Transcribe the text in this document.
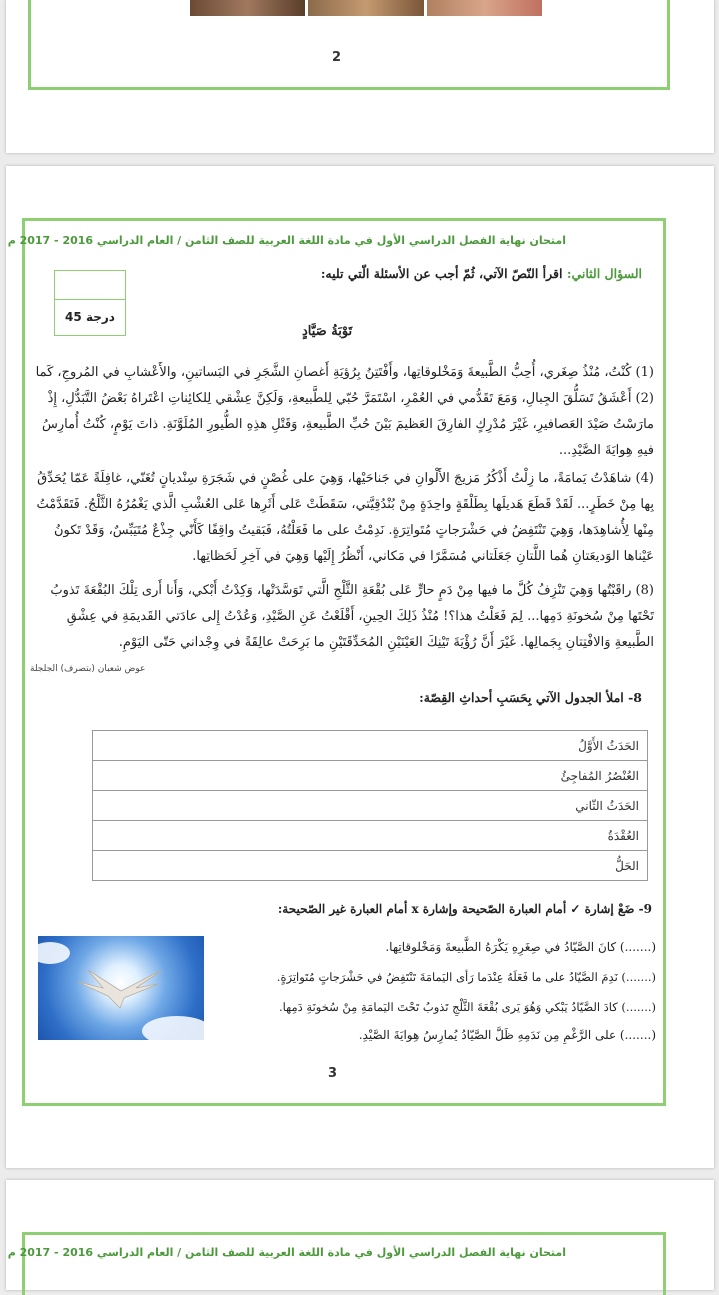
2
امتحان نهاية الفصل الدراسي الأول في مادة اللغة العربية للصف الثامن / العام الدراسي 2016 - 2017 م
45 درجة
السؤال الثاني: اقرأ النّصّ الآتي، ثُمّ أجب عن الأسئلة الّتي تليه:
تَوْبَةُ صَيَّادٍ
(1) كُنْتُ، مُنْذُ صِغَري، أُحِبُّ الطَّبيعةَ وَمَخْلوقاتِها، وأَفْتَتِنُ بِرُؤيَةِ أَغصانِ الشَّجَرِ في البَساتينِ، والأَعْشابِ في المُروجِ، كَما (2) أَعْشَقُ تَسَلُّقَ الجِبالِ، وَمَعَ تَقَدُّمي في العُمْرِ، اسْتَمَرَّ حُبّي لِلطَّبيعةِ، وَلَكِنَّ عِشْقي لِلكائِناتِ اعْتَراهُ بَعْضُ التَّبَدُّلِ، إِذْ مارَسْتُ صَيْدَ العَصافيرِ، غَيْرَ مُدْرِكٍ الفارِقَ العَظيمَ بَيْنَ حُبِّ الطَّبيعةِ، وَقَتْلِ هذِهِ الطُّيورِ المُلَوَّنَةِ. ذاتَ يَوْمٍ، كُنْتُ أُمارِسُ فيهِ هِوايَةَ الصَّيْدِ...
(4) شاهَدْتُ يَمامَةً، ما زِلْتُ أَذْكُرُ مَزيجَ الأَلْوانِ في جَناحَيْها، وَهِيَ على غُصْنٍ في شَجَرَةِ سِنْديانٍ تُغَنّي، غافِلَةً عَمّا يُحَدِّقُ بِها مِنْ خَطَرٍ... لَقَدْ قَطَعَ هَديلَها بِطَلْقَةٍ واحِدَةٍ مِنْ بُنْدُقِيَّتي، سَقَطَتْ عَلى أَثَرِها عَلى العُشْبِ الَّذي يَغْمُرُهُ الثَّلْجُ. فَتَقَدَّمْتُ مِنْها لِأُشاهِدَها، وَهِيَ تَنْتَفِضُ في حَشْرَجاتٍ مُتَواتِرَةٍ. نَدِمْتُ على ما فَعَلْتُهُ، فَبَقيتُ واقِفًا كَأَنّي جِذْعٌ مُتَيَبِّسٌ، وَقَدْ تَكونُ عَيْناها الوَديعَتانِ هُما اللَّتانِ جَعَلَتاني مُسَمَّرًا في مَكاني، أَنْظُرُ إِلَيْها وَهِيَ في آخِرِ لَحَظاتِها.
(8) راقَبْتُها وَهِيَ تَنْزِفُ كُلَّ ما فيها مِنْ دَمٍ حارٍّ عَلى بُقْعَةِ الثَّلْجِ الَّتي تَوَسَّدَتْها، وَكِدْتُ أَبْكي، وَأَنا أَرى تِلْكَ البُقْعَةَ تَذوبُ تَحْتَها مِنْ سُخونَةِ دَمِها... لِمَ فَعَلْتُ هذا؟! مُنْذُ ذَلِكَ الحِينِ، أَقْلَعْتُ عَنِ الصَّيْدِ، وَعُدْتُ إِلى عادَتي القَديمَةِ في عِشْقِ الطَّبيعةِ وَالافْتِتانِ بِجَمالِها. غَيْرَ أَنَّ رُؤْيَةَ تَيْنِكَ العَيْنَيْنِ المُحَدِّقَتَيْنِ ما بَرِحَتْ عالِقَةً في وِجْداني حَتّى اليَوْمِ.
عوض شعبان (بتصرف) الجلجلة
8- املأ الجدول الآتي بِحَسَبِ أحداثِ القِصّة:
الحَدَثُ الأَوَّلُ
العُنْصُرُ المُفاجِئُ
الحَدَثُ الثّاني
العُقْدَةُ
الحَلُّ
9- ضَعْ إشارة ✓ أمام العبارة الصّحيحة وإشارة x أمام العبارة غير الصّحيحة:
(.......) كانَ الصَّيّادُ في صِغَرِهِ يَكْرَهُ الطَّبيعةَ وَمَخْلوقاتِها.
(.......) نَدِمَ الصَّيّادُ على ما فَعَلَهُ عِنْدَما رَأى اليَمامَةَ تَنْتَفِضُ في حَشْرَجاتٍ مُتَواتِرَةٍ.
(.......) كادَ الصَّيّادُ يَبْكي وَهُوَ يَرى بُقْعَةَ الثَّلْجِ تَذوبُ تَحْتَ اليَمامَةِ مِنْ سُخونَةِ دَمِها.
(.......) على الرَّغْمِ مِن نَدَمِهِ ظَلَّ الصَّيّادُ يُمارِسُ هِوايَةَ الصَّيْدِ.
3
امتحان نهاية الفصل الدراسي الأول في مادة اللغة العربية للصف الثامن / العام الدراسي 2016 - 2017 م
